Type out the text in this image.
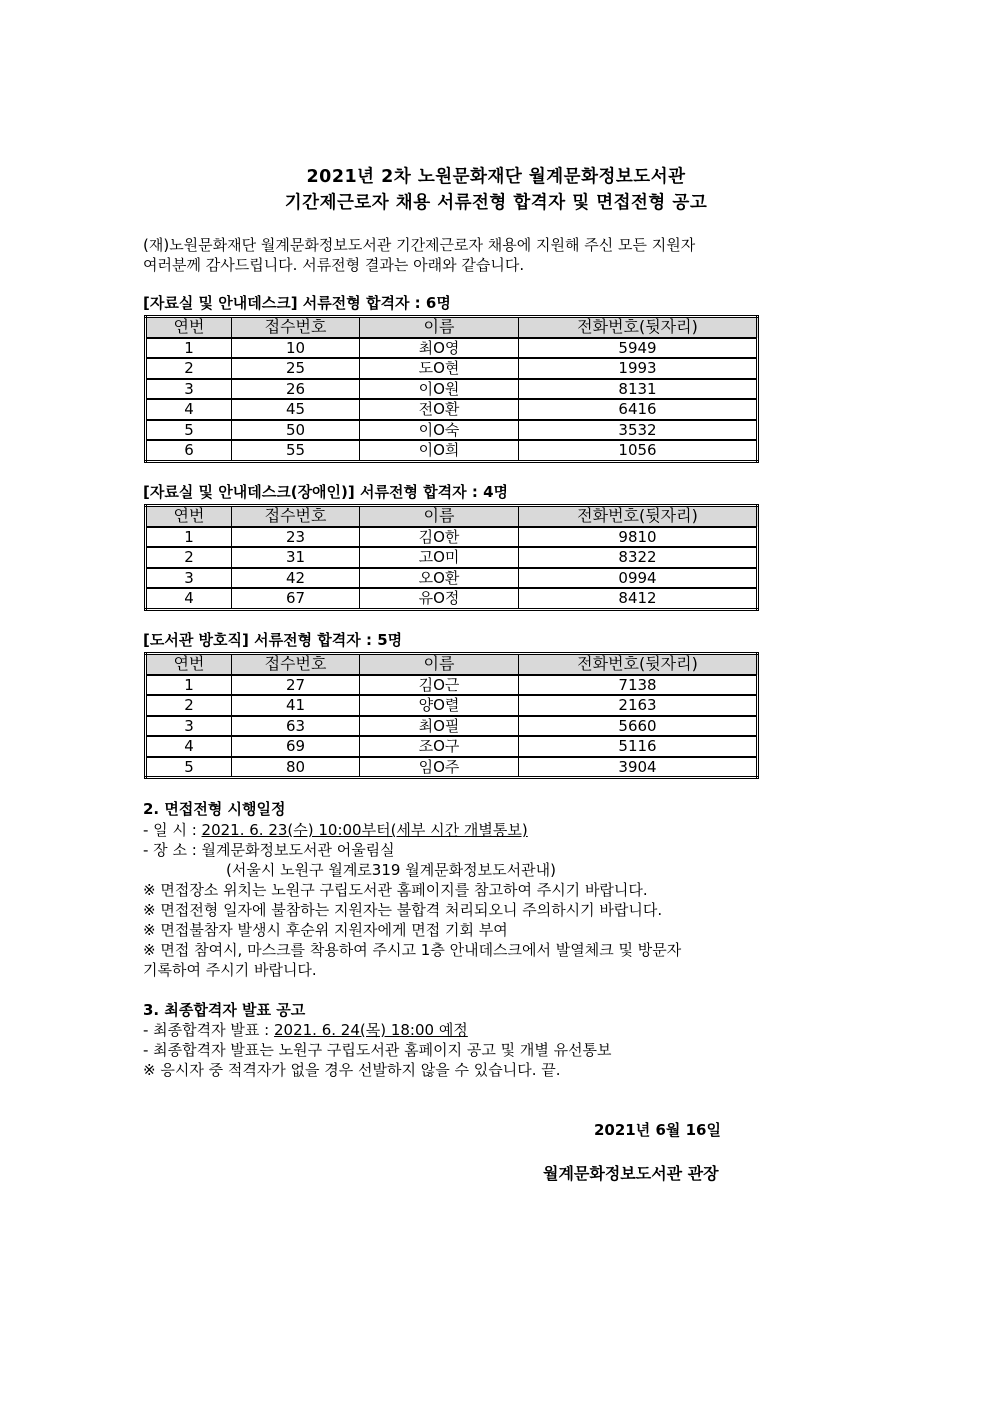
2021년 2차 노원문화재단 월계문화정보도서관
기간제근로자 채용 서류전형 합격자 및 면접전형 공고
(재)노원문화재단 월계문화정보도서관 기간제근로자 채용에 지원해 주신 모든 지원자
여러분께 감사드립니다. 서류전형 결과는 아래와 같습니다.
[자료실 및 안내데스크] 서류전형 합격자 : 6명
연번	접수번호	이름	전화번호(뒷자리)
1	10	최O영	5949
2	25	도O현	1993
3	26	이O원	8131
4	45	전O환	6416
5	50	이O숙	3532
6	55	이O희	1056
[자료실 및 안내데스크(장애인)] 서류전형 합격자 : 4명
연번	접수번호	이름	전화번호(뒷자리)
1	23	김O한	9810
2	31	고O미	8322
3	42	오O환	0994
4	67	유O정	8412
[도서관 방호직] 서류전형 합격자 : 5명
연번	접수번호	이름	전화번호(뒷자리)
1	27	김O근	7138
2	41	양O렬	2163
3	63	최O필	5660
4	69	조O구	5116
5	80	임O주	3904
2. 면접전형 시행일정
- 일 시 : 2021. 6. 23(수) 10:00부터(세부 시간 개별통보)
- 장 소 : 월계문화정보도서관 어울림실
(서울시 노원구 월계로319 월계문화정보도서관내)
※ 면접장소 위치는 노원구 구립도서관 홈페이지를 참고하여 주시기 바랍니다.
※ 면접전형 일자에 불참하는 지원자는 불합격 처리되오니 주의하시기 바랍니다.
※ 면접불참자 발생시 후순위 지원자에게 면접 기회 부여
※ 면접 참여시, 마스크를 착용하여 주시고 1층 안내데스크에서 발열체크 및 방문자
기록하여 주시기 바랍니다.
3. 최종합격자 발표 공고
- 최종합격자 발표 : 2021. 6. 24(목) 18:00 예정
- 최종합격자 발표는 노원구 구립도서관 홈페이지 공고 및 개별 유선통보
※ 응시자 중 적격자가 없을 경우 선발하지 않을 수 있습니다. 끝.
2021년 6월 16일
월계문화정보도서관 관장
